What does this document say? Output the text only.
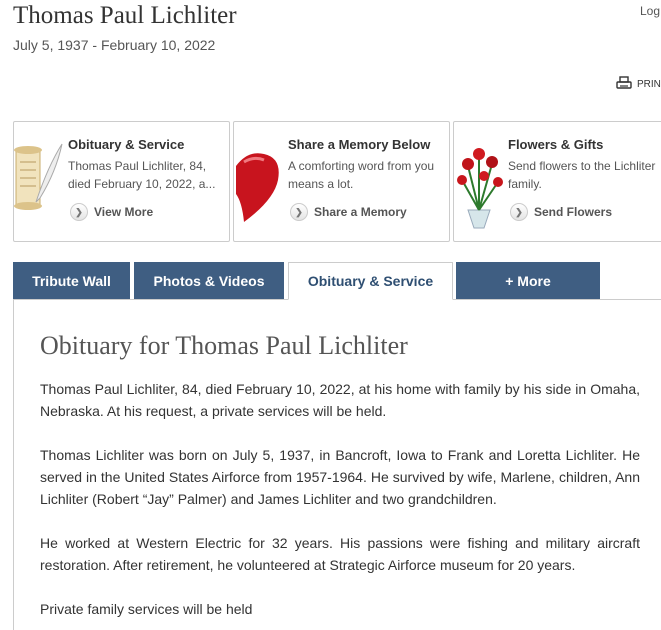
Thomas Paul Lichliter
July 5, 1937 - February 10, 2022
Log
PRIN
Obituary & Service
Thomas Paul Lichliter, 84, died February 10, 2022, a...
❯ View More
Share a Memory Below
A comforting word from you means a lot.
❯ Share a Memory
Flowers & Gifts
Send flowers to the Lichliter family.
❯ Send Flowers
Tribute Wall	Photos & Videos	Obituary & Service	+ More
Obituary for Thomas Paul Lichliter

Thomas Paul Lichliter, 84, died February 10, 2022, at his home with family by his side in Omaha, Nebraska. At his request, a private services will be held.

Thomas Lichliter was born on July 5, 1937, in Bancroft, Iowa to Frank and Loretta Lichliter. He served in the United States Airforce from 1957-1964. He survived by wife, Marlene, children, Ann Lichliter (Robert “Jay” Palmer) and James Lichliter and two grandchildren.

He worked at Western Electric for 32 years. His passions were fishing and military aircraft restoration. After retirement, he volunteered at Strategic Airforce museum for 20 years.

Private family services will be held
